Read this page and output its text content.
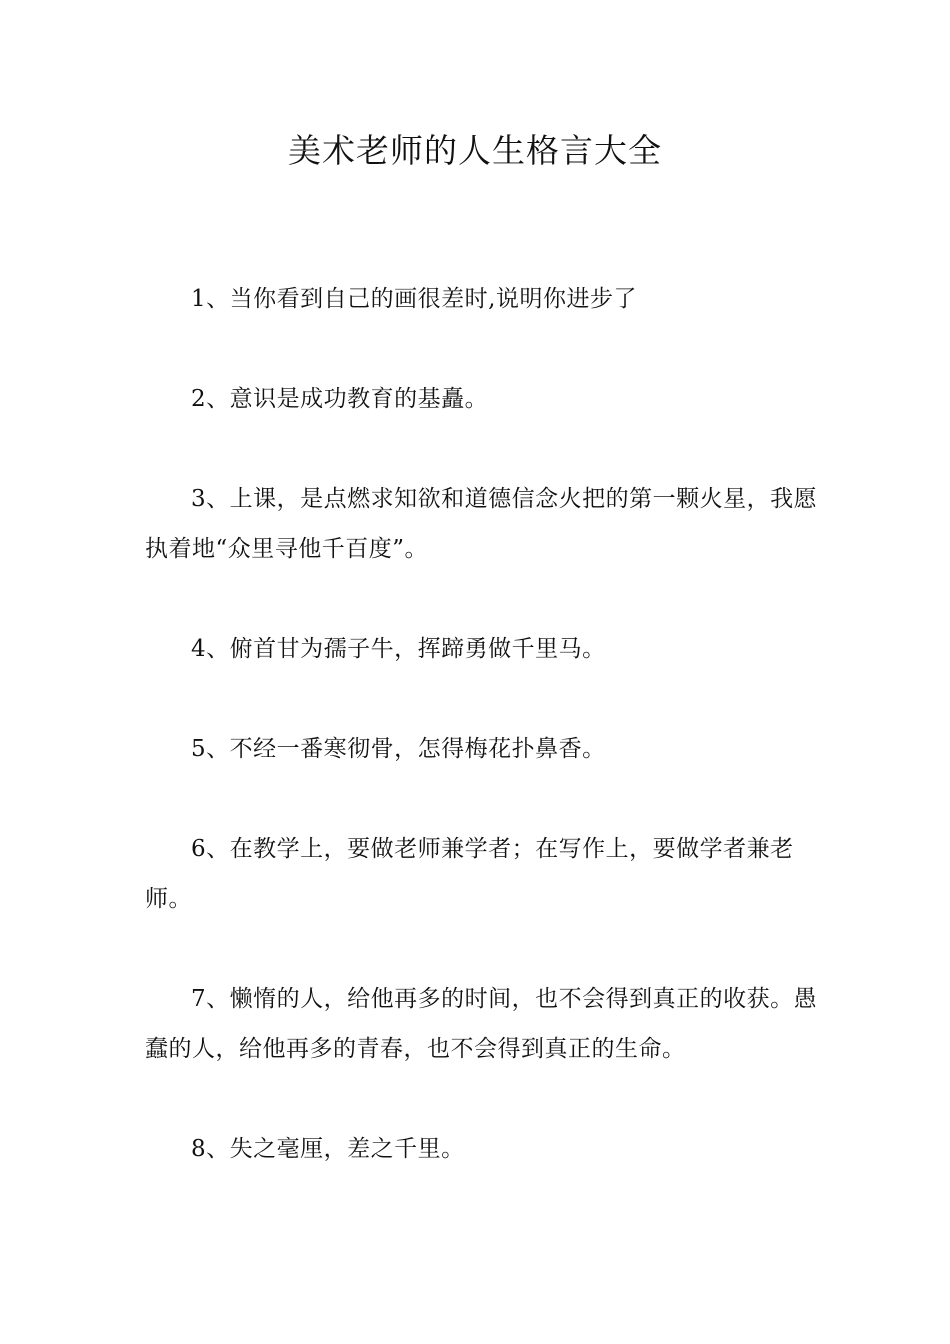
美术老师的人生格言大全

1、当你看到自己的画很差时,说明你进步了

2、意识是成功教育的基矗。

3、上课，是点燃求知欲和道德信念火把的第一颗火星，我愿执着地“众里寻他千百度”。

4、俯首甘为孺子牛，挥蹄勇做千里马。

5、不经一番寒彻骨，怎得梅花扑鼻香。

6、在教学上，要做老师兼学者；在写作上，要做学者兼老师。

7、懒惰的人，给他再多的时间，也不会得到真正的收获。愚蠢的人，给他再多的青春，也不会得到真正的生命。

8、失之毫厘，差之千里。
